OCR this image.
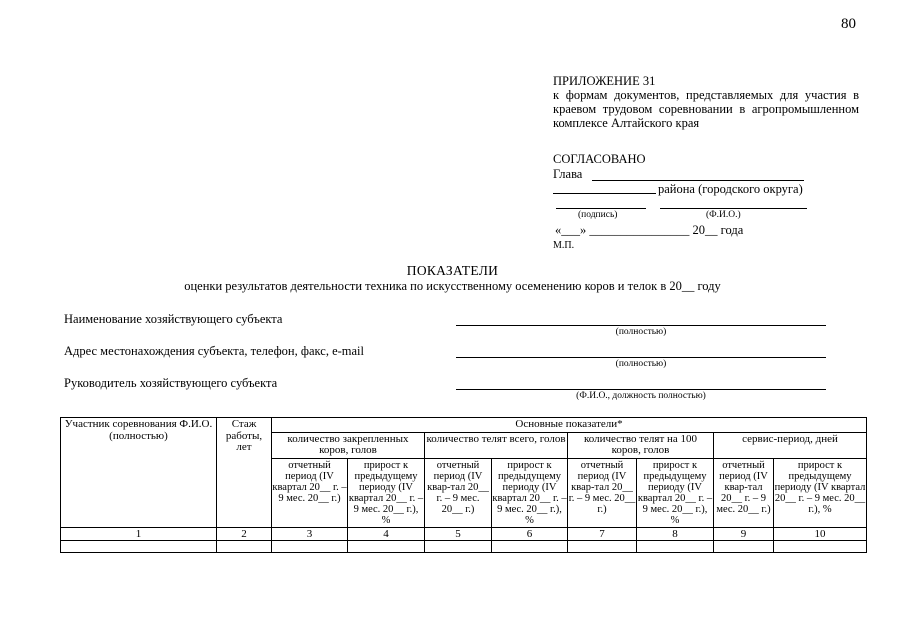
80
ПРИЛОЖЕНИЕ 31
к формам документов, представляемых для участия в краевом трудовом соревновании в агропромышленном комплексе Алтайского края
СОГЛАСОВАНО
Глава
района (городского округа)
(подпись)	(Ф.И.О.)
«___» ________________ 20__ года
М.П.
ПОКАЗАТЕЛИ
оценки результатов деятельности техника по искусственному осеменению коров и телок в 20__ году
Наименование хозяйствующего субъекта
(полностью)
Адрес местонахождения субъекта, телефон, факс, e-mail
(полностью)
Руководитель хозяйствующего субъекта
(Ф.И.О., должность полностью)
Участник соревнования Ф.И.О. (полностью)	Стаж работы, лет	Основные показатели*							
		количество закрепленных коров, голов		количество телят всего, голов		количество телят на 100 коров, голов		сервис-период, дней	
		отчетный период (IV квартал 20__ г. – 9 мес. 20__ г.)	прирост к предыдущему периоду (IV квартал 20__ г. – 9 мес. 20__ г.), %	отчетный период (IV квар-тал 20__ г. – 9 мес. 20__ г.)	прирост к предыдущему периоду (IV квартал 20__ г. – 9 мес. 20__ г.), %	отчетный период (IV квар-тал 20__ г. – 9 мес. 20__ г.)	прирост к предыдущему периоду (IV квартал 20__ г. – 9 мес. 20__ г.), %	отчетный период (IV квар-тал 20__ г. – 9 мес. 20__ г.)	прирост к предыдущему периоду (IV квартал 20__ г. – 9 мес. 20__ г.), %
1	2	3	4	5	6	7	8	9	10
